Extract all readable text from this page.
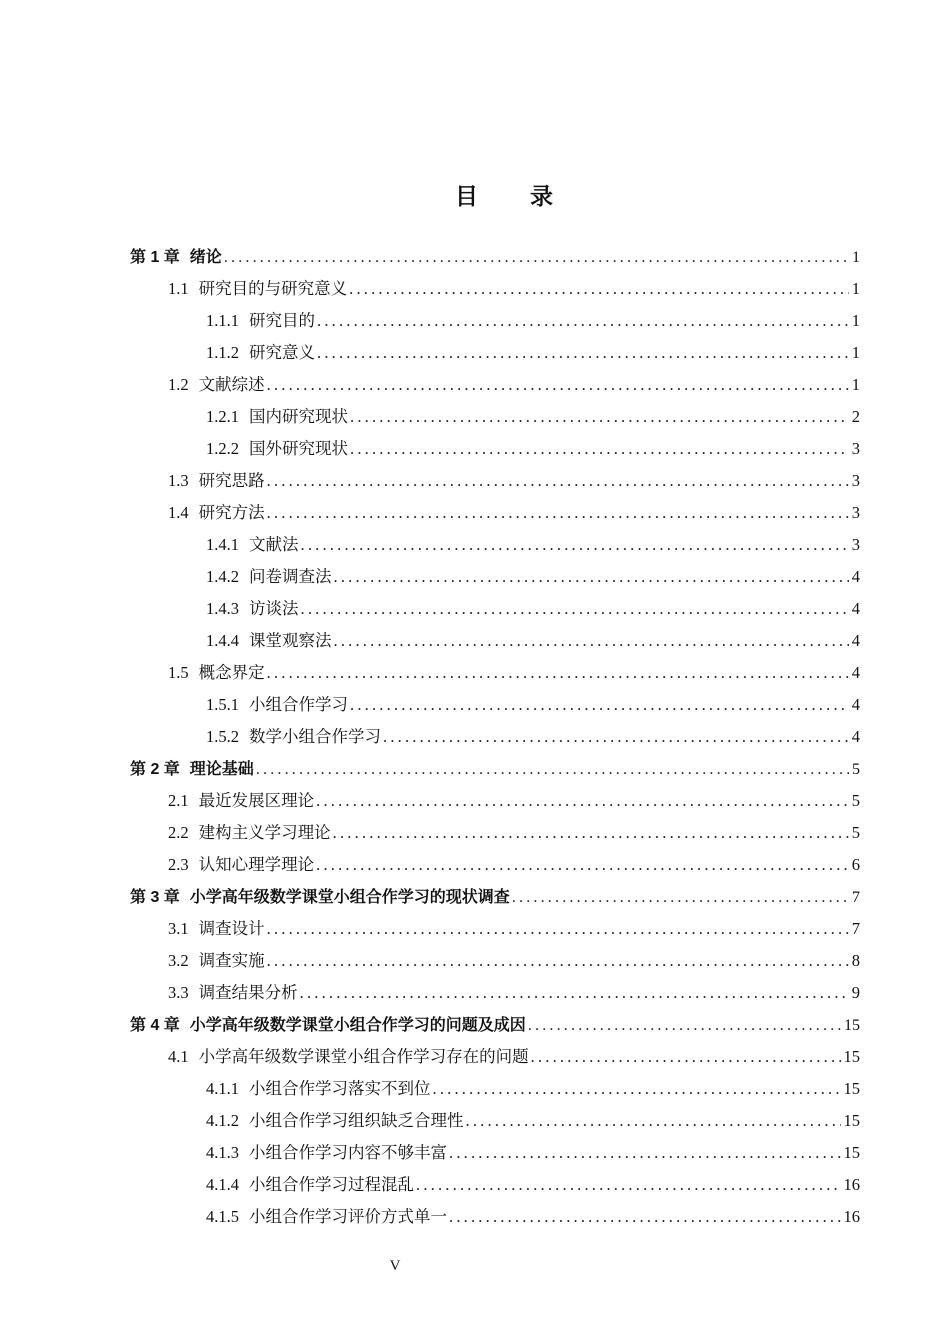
目 录
第 1 章 绪论 .....	1
1.1 研究目的与研究意义 .....	1
1.1.1 研究目的 .....	1
1.1.2 研究意义 .....	1
1.2 文献综述 .....	1
1.2.1 国内研究现状 .....	2
1.2.2 国外研究现状 .....	3
1.3 研究思路 .....	3
1.4 研究方法 .....	3
1.4.1 文献法 .....	3
1.4.2 问卷调查法 .....	4
1.4.3 访谈法 .....	4
1.4.4 课堂观察法 .....	4
1.5 概念界定 .....	4
1.5.1 小组合作学习 .....	4
1.5.2 数学小组合作学习 .....	4
第 2 章 理论基础 .....	5
2.1 最近发展区理论 .....	5
2.2 建构主义学习理论 .....	5
2.3 认知心理学理论 .....	6
第 3 章 小学高年级数学课堂小组合作学习的现状调查 .....	7
3.1 调查设计 .....	7
3.2 调查实施 .....	8
3.3 调查结果分析 .....	9
第 4 章 小学高年级数学课堂小组合作学习的问题及成因 .....	15
4.1 小学高年级数学课堂小组合作学习存在的问题 .....	15
4.1.1 小组合作学习落实不到位 .....	15
4.1.2 小组合作学习组织缺乏合理性 .....	15
4.1.3 小组合作学习内容不够丰富 .....	15
4.1.4 小组合作学习过程混乱 .....	16
4.1.5 小组合作学习评价方式单一 .....	16
V
